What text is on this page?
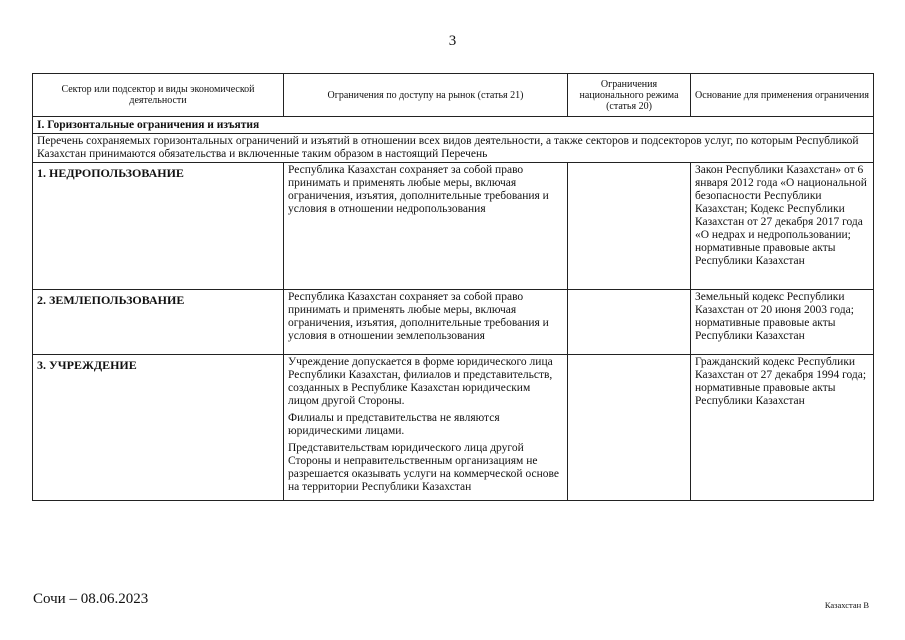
3
Сектор или подсектор и виды экономической деятельности	Ограничения по доступу на рынок (статья 21)	Ограничения национального режима (статья 20)	Основание для применения ограничения
I. Горизонтальные ограничения и изъятия			
Перечень сохраняемых горизонтальных ограничений и изъятий в отношении всех видов деятельности, а также секторов и подсекторов услуг, по которым Республикой Казахстан принимаются обязательства и включенные таким образом в настоящий Перечень			
1. НЕДРОПОЛЬЗОВАНИЕ	Республика Казахстан сохраняет за собой право принимать и применять любые меры, включая ограничения, изъятия, дополнительные требования и условия в отношении недропользования		Закон Республики Казахстан» от 6 января 2012 года «О национальной безопасности Республики Казахстан; Кодекс Республики Казахстан от 27 декабря 2017 года «О недрах и недропользовании; нормативные правовые акты Республики Казахстан
2. ЗЕМЛЕПОЛЬЗОВАНИЕ	Республика Казахстан сохраняет за собой право принимать и применять любые меры, включая ограничения, изъятия, дополнительные требования и условия в отношении землепользования		Земельный кодекс Республики Казахстан от 20 июня 2003 года; нормативные правовые акты Республики Казахстан
3. УЧРЕЖДЕНИЕ	Учреждение допускается в форме юридического лица Республики Казахстан, филиалов и представительств, созданных в Республике Казахстан юридическим лицом другой Стороны.

Филиалы и представительства не являются юридическими лицами.

Представительствам юридического лица другой Стороны и неправительственным организациям не разрешается оказывать услуги на коммерческой основе на территории Республики Казахстан		Гражданский кодекс Республики Казахстан от 27 декабря 1994 года; нормативные правовые акты Республики Казахстан
Сочи – 08.06.2023	Казахстан В
